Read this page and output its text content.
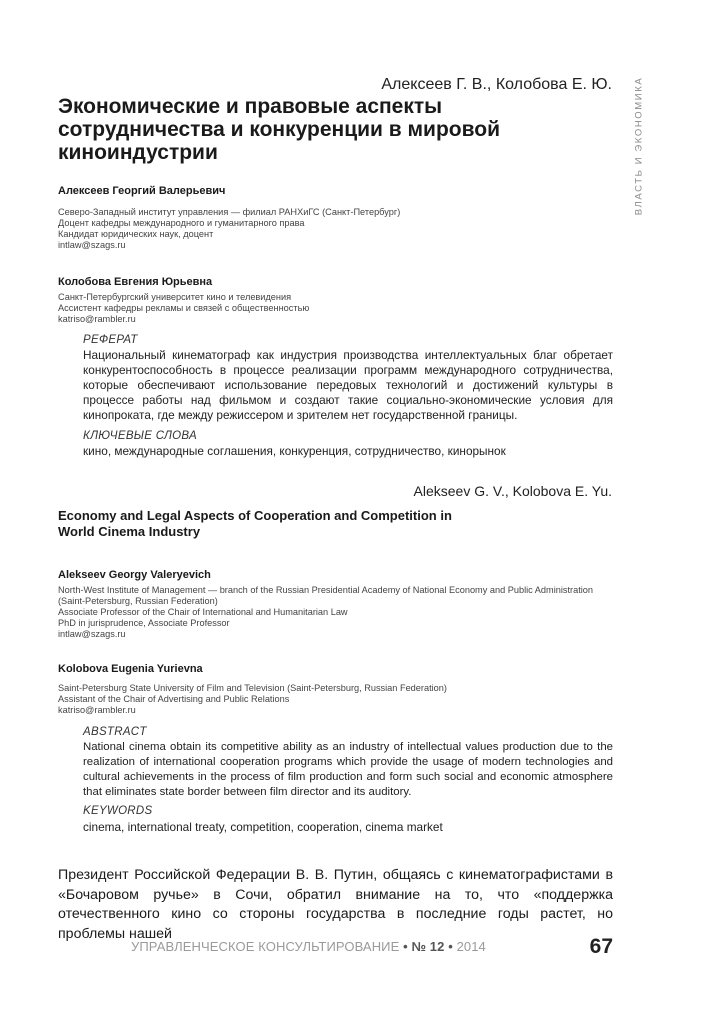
ВЛАСТЬ И ЭКОНОМИКА
Алексеев Г. В., Колобова Е. Ю.
Экономические и правовые аспекты сотрудничества и конкуренции в мировой киноиндустрии
Алексеев Георгий Валерьевич
Северо-Западный институт управления — филиал РАНХиГС (Санкт-Петербург)
Доцент кафедры международного и гуманитарного права
Кандидат юридических наук, доцент
intlaw@szags.ru
Колобова Евгения Юрьевна
Санкт-Петербургский университет кино и телевидения
Ассистент кафедры рекламы и связей с общественностью
katriso@rambler.ru
РЕФЕРАТ
Национальный кинематограф как индустрия производства интеллектуальных благ обретает конкурентоспособность в процессе реализации программ международного сотрудничества, которые обеспечивают использование передовых технологий и достижений культуры в процессе работы над фильмом и создают такие социально-экономические условия для кинопроката, где между режиссером и зрителем нет государственной границы.
КЛЮЧЕВЫЕ СЛОВА
кино, международные соглашения, конкуренция, сотрудничество, кинорынок
Alekseev G. V., Kolobova E. Yu.
Economy and Legal Aspects of Cooperation and Competition in World Cinema Industry
Alekseev Georgy Valeryevich
North-West Institute of Management — branch of the Russian Presidential Academy of National Economy and Public Administration (Saint-Petersburg, Russian Federation)
Associate Professor of the Chair of International and Humanitarian Law
PhD in jurisprudence, Associate Professor
intlaw@szags.ru
Kolobova Eugenia Yurievna
Saint-Petersburg State University of Film and Television (Saint-Petersburg, Russian Federation)
Assistant of the Chair of Advertising and Public Relations
katriso@rambler.ru
ABSTRACT
National cinema obtain its competitive ability as an industry of intellectual values production due to the realization of international cooperation programs which provide the usage of modern technologies and cultural achievements in the process of film production and form such social and economic atmosphere that eliminates state border between film director and its auditory.
KEYWORDS
cinema, international treaty, competition, cooperation, cinema market
Президент Российской Федерации В. В. Путин, общаясь с кинематографистами в «Бочаровом ручье» в Сочи, обратил внимание на то, что «поддержка отечественного кино со стороны государства в последние годы растет, но проблемы нашей
УПРАВЛЕНЧЕСКОЕ КОНСУЛЬТИРОВАНИЕ • № 12 • 2014	67
